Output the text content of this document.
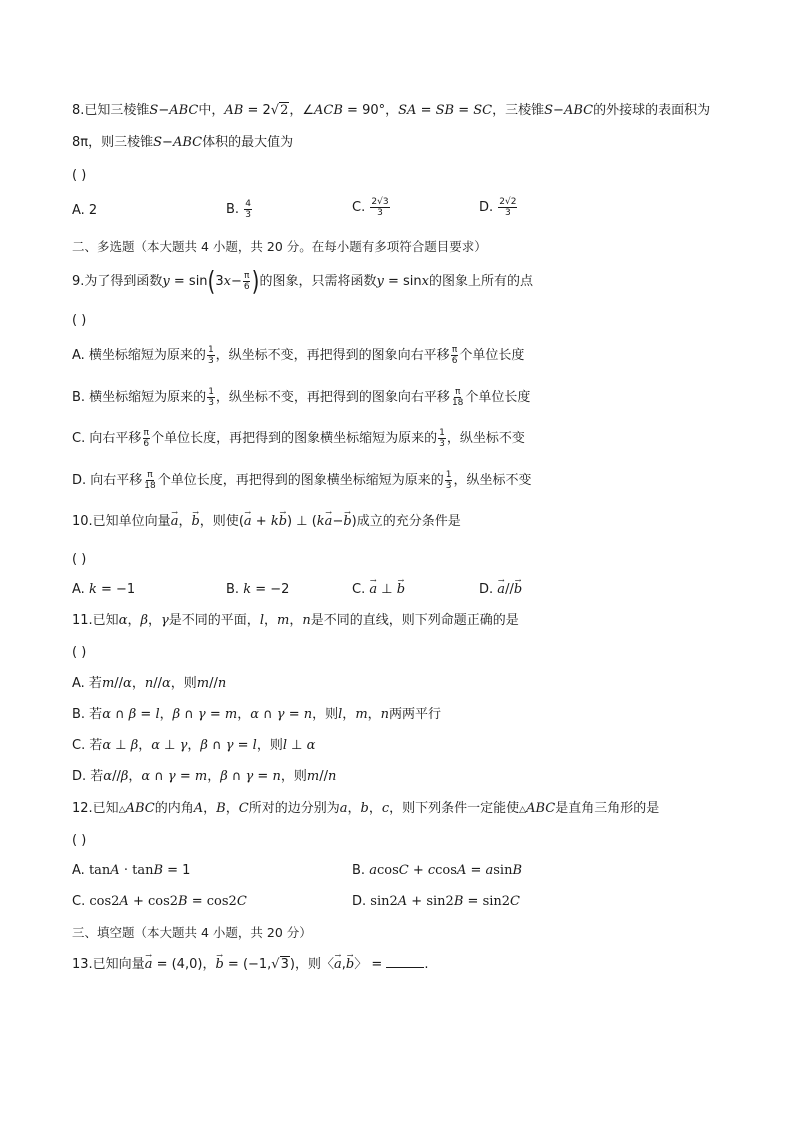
8.已知三棱锥S−ABC中，AB = 2√2，∠ACB = 90°，SA = SB = SC，三棱锥S−ABC的外接球的表面积为
8π，则三棱锥S−ABC体积的最大值为
( )
A. 2	B. $\frac{4}{3}$	C. $\frac{2√3}{3}$	D. $\frac{2√2}{3}$
二、多选题（本大题共 4 小题，共 20 分。在每小题有多项符合题目要求）
9.为了得到函数$y = \sin(3x- \frac{\pi}{6}$ )的图象，只需将函数y = sinx的图象上所有的点
( )
A. 横坐标缩短为原来的 $\frac{1}{3}$ ，纵坐标不变，再把得到的图象向右平移 $\frac{\pi}{6}$ 个单位长度
B. 横坐标缩短为原来的 $\frac{1}{3}$ ，纵坐标不变，再把得到的图象向右平移 $\frac{\pi}{18}$ 个单位长度
C. 向右平移 $\frac{\pi}{6}$ 个单位长度，再把得到的图象横坐标缩短为原来的 $\frac{1}{3}$ ，纵坐标不变
D. 向右平移 $\frac{\pi}{18}$ 个单位长度，再把得到的图象横坐标缩短为原来的 $\frac{1}{3}$ ，纵坐标不变
10.已知单位向量→ a，→ b，则使(→ a + k→ b) ⊥ (k→ a−→ b)成立的充分条件是
( )
A. k = −1	B. k = −2	C. → a ⊥ → b	D. → a//→ b
11.已知α，β，γ是不同的平面，l，m，n是不同的直线，则下列命题正确的是
( )
A. 若m//α，n//α，则m//n
B. 若α ∩ β = l，β ∩ γ = m，α ∩ γ = n，则l，m，n两两平行
C. 若α ⊥ β，α ⊥ γ，β ∩ γ = l，则l ⊥ α
D. 若α//β，α ∩ γ = m，β ∩ γ = n，则m//n
12.已知△ABC的内角A，B，C所对的边分别为a，b，c，则下列条件一定能使△ABC是直角三角形的是
( )
A. tanA · tanB = 1	B. acosC + ccosA = asinB
C. cos2A + cos2B = cos2C	D. sin2A + sin2B = sin2C
三、填空题（本大题共 4 小题，共 20 分）
13.已知向量→ a = (4,0)，→ b = (−1,√3)，则〈→ a,→ b〉 =	.
